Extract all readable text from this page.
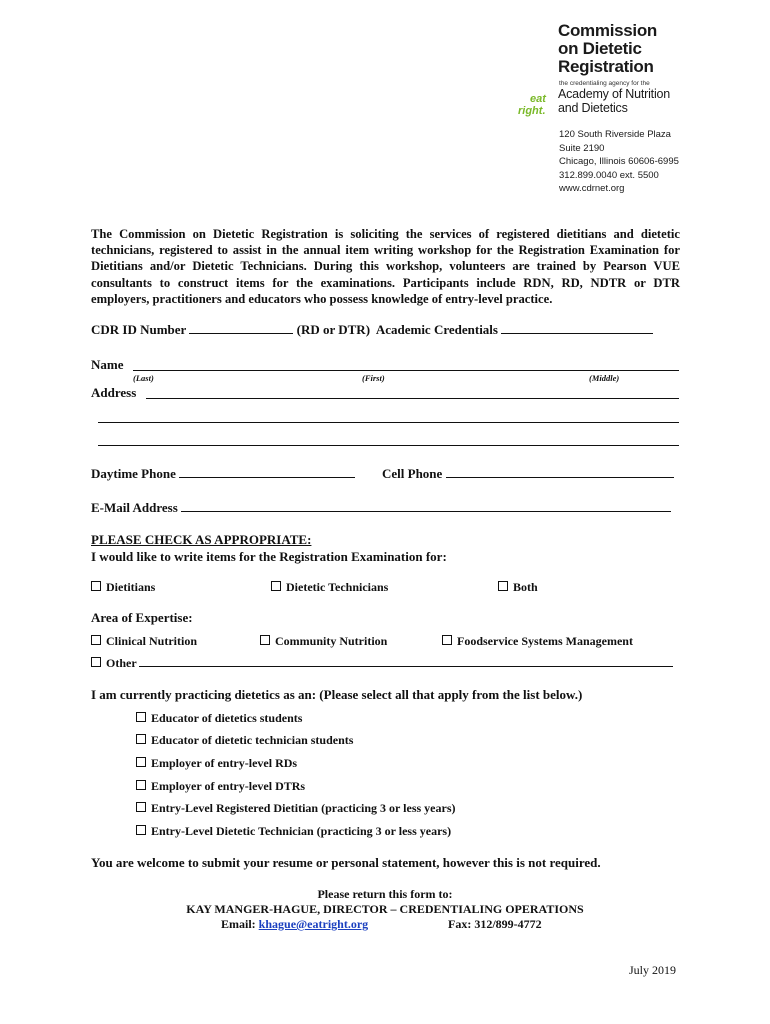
Commission
on Dietetic
Registration
the credentialing agency for the
eat
right.
Academy of Nutrition
and Dietetics
120 South Riverside Plaza
Suite 2190
Chicago, Illinois 60606-6995
312.899.0040 ext. 5500
www.cdrnet.org
The Commission on Dietetic Registration is soliciting the services of registered dietitians and dietetic technicians, registered to assist in the annual item writing workshop for the Registration Examination for Dietitians and/or Dietetic Technicians. During this workshop, volunteers are trained by Pearson VUE consultants to construct items for the examinations. Participants include RDN, RD, NDTR or DTR employers, practitioners and educators who possess knowledge of entry-level practice.
CDR ID Number	(RD or DTR) Academic Credentials
Name
(Last)	(First)	(Middle)
Address
Daytime Phone	Cell Phone
E-Mail Address
PLEASE CHECK AS APPROPRIATE:
I would like to write items for the Registration Examination for:
Dietitians	Dietetic Technicians	Both
Area of Expertise:
Clinical Nutrition	Community Nutrition	Foodservice Systems Management
Other
I am currently practicing dietetics as an: (Please select all that apply from the list below.)
Educator of dietetics students
Educator of dietetic technician students
Employer of entry-level RDs
Employer of entry-level DTRs
Entry-Level Registered Dietitian (practicing 3 or less years)
Entry-Level Dietetic Technician (practicing 3 or less years)
You are welcome to submit your resume or personal statement, however this is not required.
Please return this form to:
KAY MANGER-HAGUE, DIRECTOR – CREDENTIALING OPERATIONS
Email: khague@eatright.org	Fax: 312/899-4772
July 2019
